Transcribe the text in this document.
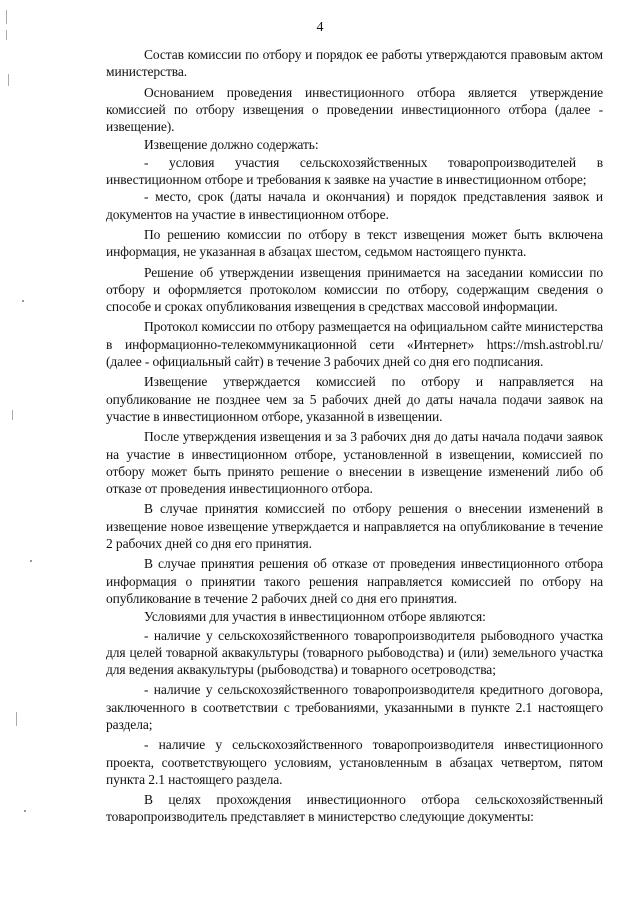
4

Состав комиссии по отбору и порядок ее работы утверждаются правовым актом министерства.

Основанием проведения инвестиционного отбора является утверждение комиссией по отбору извещения о проведении инвестиционного отбора (далее - извещение).

Извещение должно содержать:

- условия участия сельскохозяйственных товаропроизводителей в инвестиционном отборе и требования к заявке на участие в инвестиционном отборе;

- место, срок (даты начала и окончания) и порядок представления заявок и документов на участие в инвестиционном отборе.

По решению комиссии по отбору в текст извещения может быть включена информация, не указанная в абзацах шестом, седьмом настоящего пункта.

Решение об утверждении извещения принимается на заседании комиссии по отбору и оформляется протоколом комиссии по отбору, содержащим сведения о способе и сроках опубликования извещения в средствах массовой информации.

Протокол комиссии по отбору размещается на официальном сайте министерства в информационно-телекоммуникационной сети «Интернет» https://msh.astrobl.ru/ (далее - официальный сайт) в течение 3 рабочих дней со дня его подписания.

Извещение утверждается комиссией по отбору и направляется на опубликование не позднее чем за 5 рабочих дней до даты начала подачи заявок на участие в инвестиционном отборе, указанной в извещении.

После утверждения извещения и за 3 рабочих дня до даты начала подачи заявок на участие в инвестиционном отборе, установленной в извещении, комиссией по отбору может быть принято решение о внесении в извещение изменений либо об отказе от проведения инвестиционного отбора.

В случае принятия комиссией по отбору решения о внесении изменений в извещение новое извещение утверждается и направляется на опубликование в течение 2 рабочих дней со дня его принятия.

В случае принятия решения об отказе от проведения инвестиционного отбора информация о принятии такого решения направляется комиссией по отбору на опубликование в течение 2 рабочих дней со дня его принятия.

Условиями для участия в инвестиционном отборе являются:

- наличие у сельскохозяйственного товаропроизводителя рыбоводного участка для целей товарной аквакультуры (товарного рыбоводства) и (или) земельного участка для ведения аквакультуры (рыбоводства) и товарного осетроводства;

- наличие у сельскохозяйственного товаропроизводителя кредитного договора, заключенного в соответствии с требованиями, указанными в пункте 2.1 настоящего раздела;

- наличие у сельскохозяйственного товаропроизводителя инвестиционного проекта, соответствующего условиям, установленным в абзацах четвертом, пятом пункта 2.1 настоящего раздела.

В целях прохождения инвестиционного отбора сельскохозяйственный товаропроизводитель представляет в министерство следующие документы:
